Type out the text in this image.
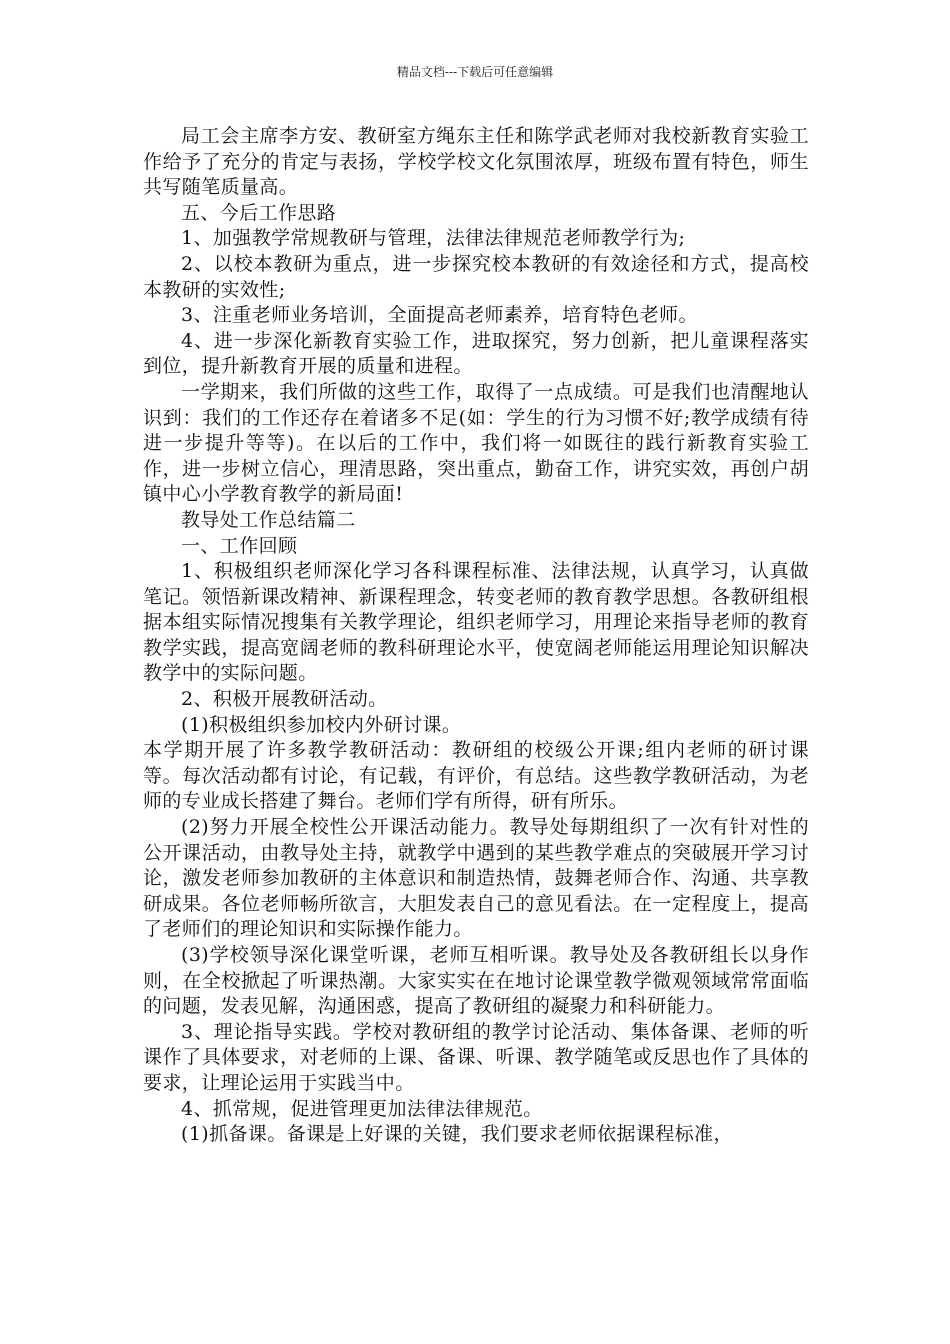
精品文档---下载后可任意编辑

局工会主席李方安、教研室方绳东主任和陈学武老师对我校新教育实验工作给予了充分的肯定与表扬，学校学校文化氛围浓厚，班级布置有特色，师生共写随笔质量高。

五、今后工作思路

1、加强教学常规教研与管理，法律法律规范老师教学行为;

2、以校本教研为重点，进一步探究校本教研的有效途径和方式，提高校本教研的实效性;

3、注重老师业务培训，全面提高老师素养，培育特色老师。

4、进一步深化新教育实验工作，进取探究，努力创新，把儿童课程落实到位，提升新教育开展的质量和进程。

一学期来，我们所做的这些工作，取得了一点成绩。可是我们也清醒地认识到：我们的工作还存在着诸多不足(如：学生的行为习惯不好;教学成绩有待进一步提升等等)。在以后的工作中，我们将一如既往的践行新教育实验工作，进一步树立信心，理清思路，突出重点，勤奋工作，讲究实效，再创户胡镇中心小学教育教学的新局面!

教导处工作总结篇二

一、工作回顾

1、积极组织老师深化学习各科课程标准、法律法规，认真学习，认真做笔记。领悟新课改精神、新课程理念，转变老师的教育教学思想。各教研组根据本组实际情况搜集有关教学理论，组织老师学习，用理论来指导老师的教育教学实践，提高宽阔老师的教科研理论水平，使宽阔老师能运用理论知识解决教学中的实际问题。

2、积极开展教研活动。

(1)积极组织参加校内外研讨课。

本学期开展了许多教学教研活动：教研组的校级公开课;组内老师的研讨课等。每次活动都有讨论，有记载，有评价，有总结。这些教学教研活动，为老师的专业成长搭建了舞台。老师们学有所得，研有所乐。

(2)努力开展全校性公开课活动能力。教导处每期组织了一次有针对性的公开课活动，由教导处主持，就教学中遇到的某些教学难点的突破展开学习讨论，激发老师参加教研的主体意识和制造热情，鼓舞老师合作、沟通、共享教研成果。各位老师畅所欲言，大胆发表自己的意见看法。在一定程度上，提高了老师们的理论知识和实际操作能力。

(3)学校领导深化课堂听课，老师互相听课。教导处及各教研组长以身作则，在全校掀起了听课热潮。大家实实在在地讨论课堂教学微观领域常常面临的问题，发表见解，沟通困惑，提高了教研组的凝聚力和科研能力。

3、理论指导实践。学校对教研组的教学讨论活动、集体备课、老师的听课作了具体要求，对老师的上课、备课、听课、教学随笔或反思也作了具体的要求，让理论运用于实践当中。

4、抓常规，促进管理更加法律法律规范。

(1)抓备课。备课是上好课的关键，我们要求老师依据课程标准，
